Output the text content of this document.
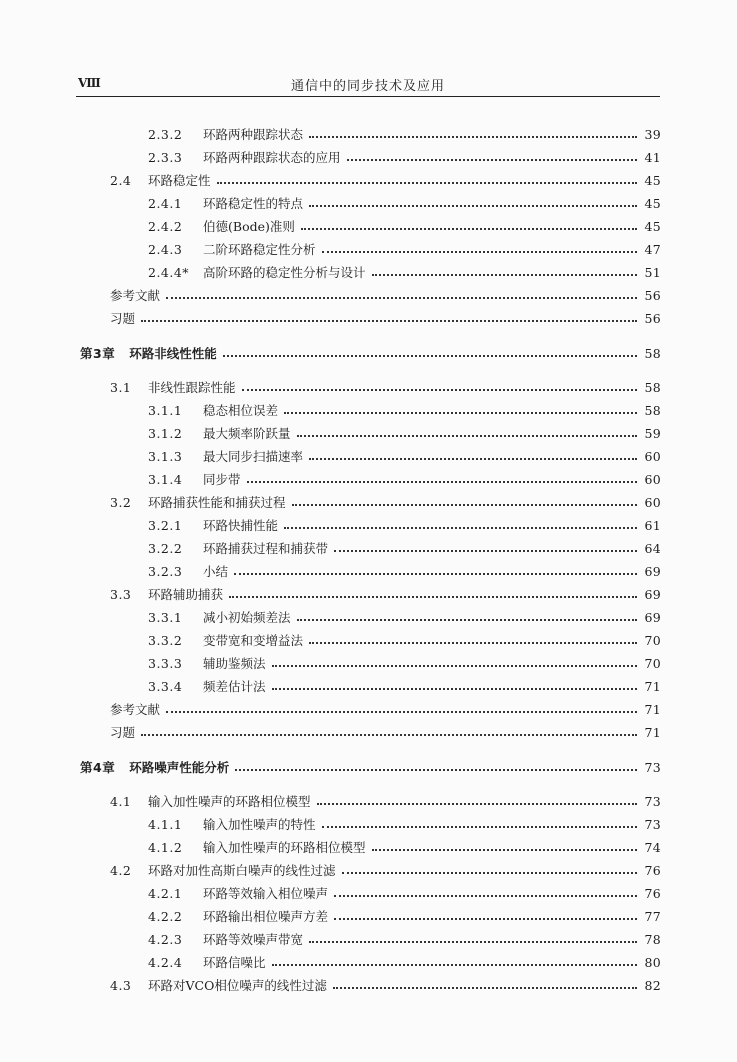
Ⅷ	通信中的同步技术及应用
2.3.2	环路两种跟踪状态	39
2.3.3	环路两种跟踪状态的应用	41
2.4	环路稳定性	45
2.4.1	环路稳定性的特点	45
2.4.2	伯德(Bode)准则	45
2.4.3	二阶环路稳定性分析	47
2.4.4*	高阶环路的稳定性分析与设计	51
参考文献	56
习题	56
第3章 环路非线性性能	58
3.1	非线性跟踪性能	58
3.1.1	稳态相位误差	58
3.1.2	最大频率阶跃量	59
3.1.3	最大同步扫描速率	60
3.1.4	同步带	60
3.2	环路捕获性能和捕获过程	60
3.2.1	环路快捕性能	61
3.2.2	环路捕获过程和捕获带	64
3.2.3	小结	69
3.3	环路辅助捕获	69
3.3.1	减小初始频差法	69
3.3.2	变带宽和变增益法	70
3.3.3	辅助鉴频法	70
3.3.4	频差估计法	71
参考文献	71
习题	71
第4章 环路噪声性能分析	73
4.1	输入加性噪声的环路相位模型	73
4.1.1	输入加性噪声的特性	73
4.1.2	输入加性噪声的环路相位模型	74
4.2	环路对加性高斯白噪声的线性过滤	76
4.2.1	环路等效输入相位噪声	76
4.2.2	环路输出相位噪声方差	77
4.2.3	环路等效噪声带宽	78
4.2.4	环路信噪比	80
4.3	环路对VCO相位噪声的线性过滤	82
